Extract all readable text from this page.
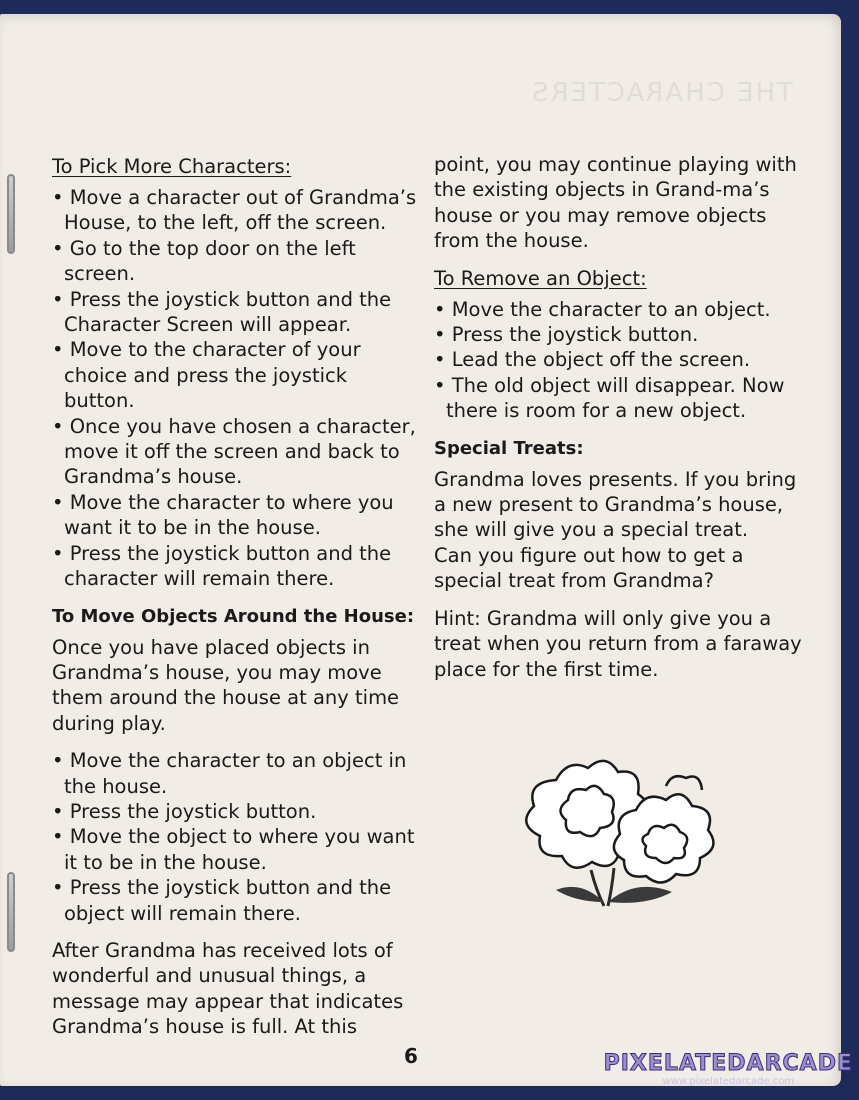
THE CHARACTERS
To Pick More Characters:
• Move a character out of Grandma’s House, to the left, off the screen.
• Go to the top door on the left screen.
• Press the joystick button and the Character Screen will appear.
• Move to the character of your choice and press the joystick button.
• Once you have chosen a character, move it off the screen and back to Grandma’s house.
• Move the character to where you want it to be in the house.
• Press the joystick button and the character will remain there.
To Move Objects Around the House:

Once you have placed objects in Grandma’s house, you may move them around the house at any time during play.

• Move the character to an object in the house.
• Press the joystick button.
• Move the object to where you want it to be in the house.
• Press the joystick button and the object will remain there.

After Grandma has received lots of wonderful and unusual things, a message may appear that indicates Grandma’s house is full. At this

point, you may continue playing with the existing objects in Grand-ma’s house or you may remove objects from the house.

To Remove an Object:
• Move the character to an object.
• Press the joystick button.
• Lead the object off the screen.
• The old object will disappear. Now there is room for a new object.
Special Treats:

Grandma loves presents. If you bring a new present to Grandma’s house, she will give you a special treat.

Can you figure out how to get a special treat from Grandma?

Hint: Grandma will only give you a treat when you return from a faraway place for the first time.

6	PIXELATEDARCADE
www.pixelatedarcade.com
